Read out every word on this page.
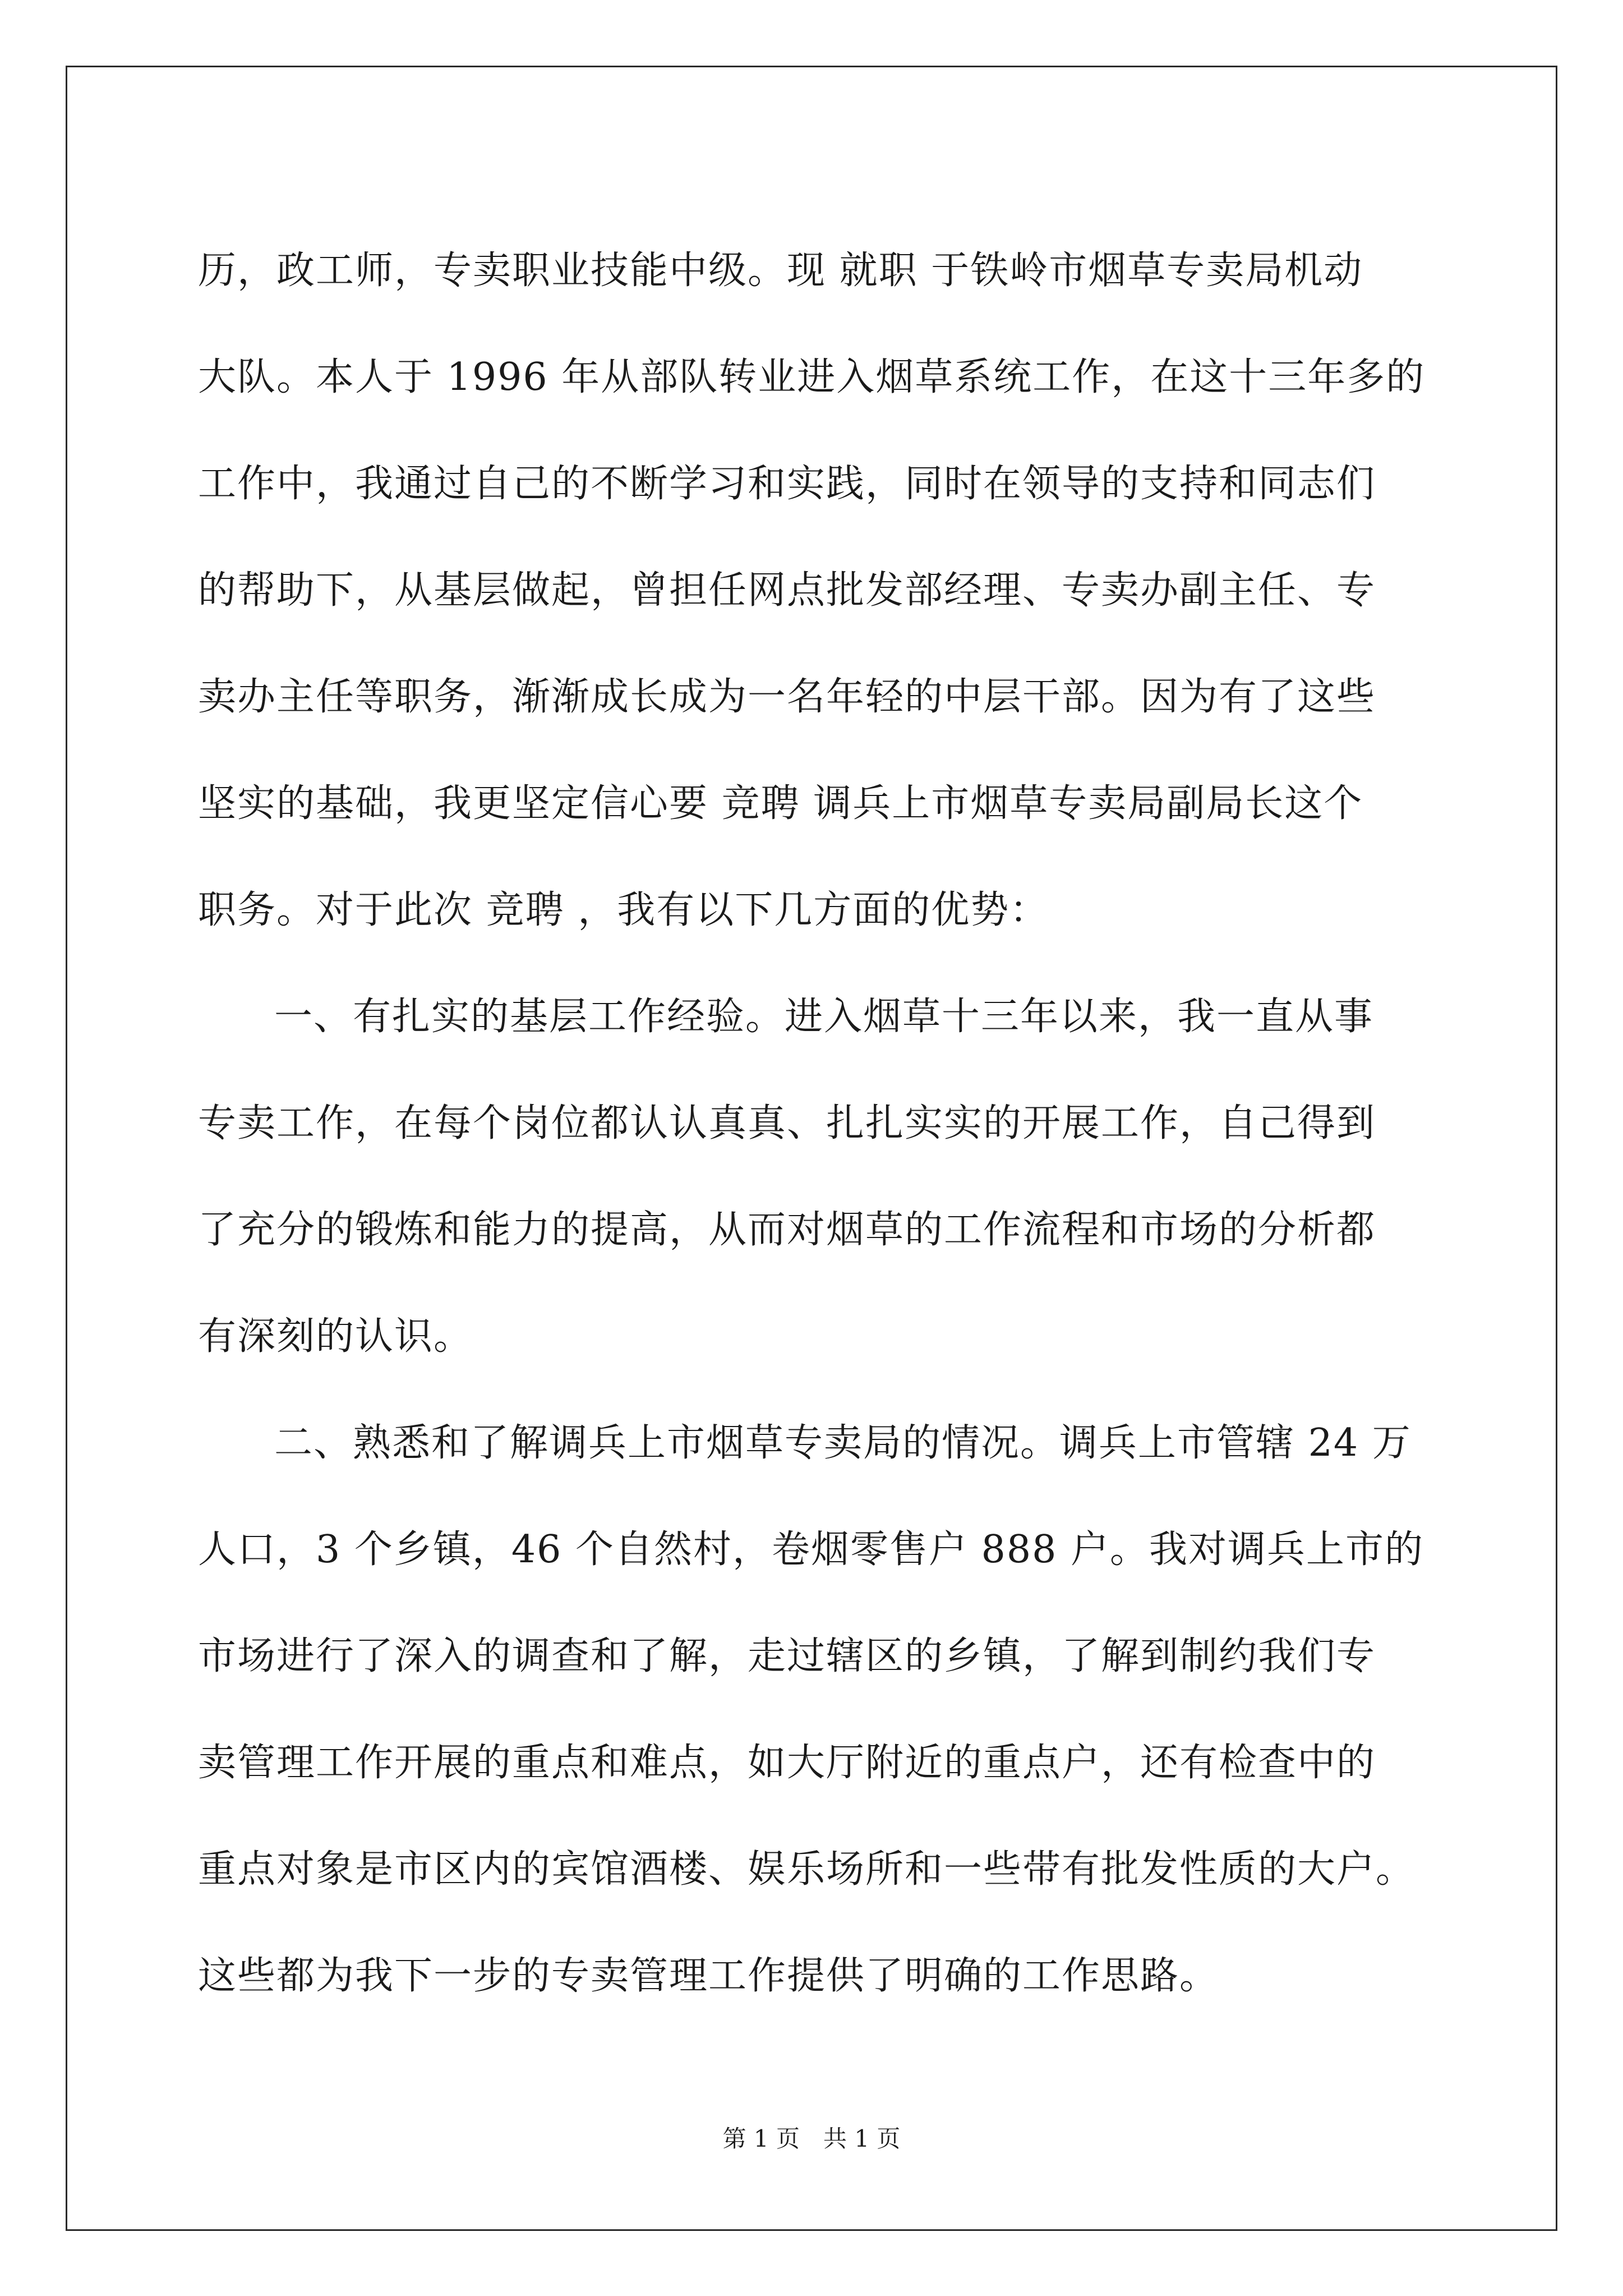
历，政工师，专卖职业技能中级。现 就职 于铁岭市烟草专卖局机动
大队。本人于 1996 年从部队转业进入烟草系统工作，在这十三年多的
工作中，我通过自己的不断学习和实践，同时在领导的支持和同志们
的帮助下，从基层做起，曾担任网点批发部经理、专卖办副主任、专
卖办主任等职务，渐渐成长成为一名年轻的中层干部。因为有了这些
坚实的基础，我更坚定信心要 竞聘 调兵上市烟草专卖局副局长这个
职务。对于此次 竞聘 ，我有以下几方面的优势：
一、有扎实的基层工作经验。进入烟草十三年以来，我一直从事
专卖工作，在每个岗位都认认真真、扎扎实实的开展工作，自己得到
了充分的锻炼和能力的提高，从而对烟草的工作流程和市场的分析都
有深刻的认识。
二、熟悉和了解调兵上市烟草专卖局的情况。调兵上市管辖 24 万
人口，3 个乡镇，46 个自然村，卷烟零售户 888 户。我对调兵上市的
市场进行了深入的调查和了解，走过辖区的乡镇，了解到制约我们专
卖管理工作开展的重点和难点，如大厅附近的重点户，还有检查中的
重点对象是市区内的宾馆酒楼、娱乐场所和一些带有批发性质的大户。
这些都为我下一步的专卖管理工作提供了明确的工作思路。
第 1 页　共 1 页
